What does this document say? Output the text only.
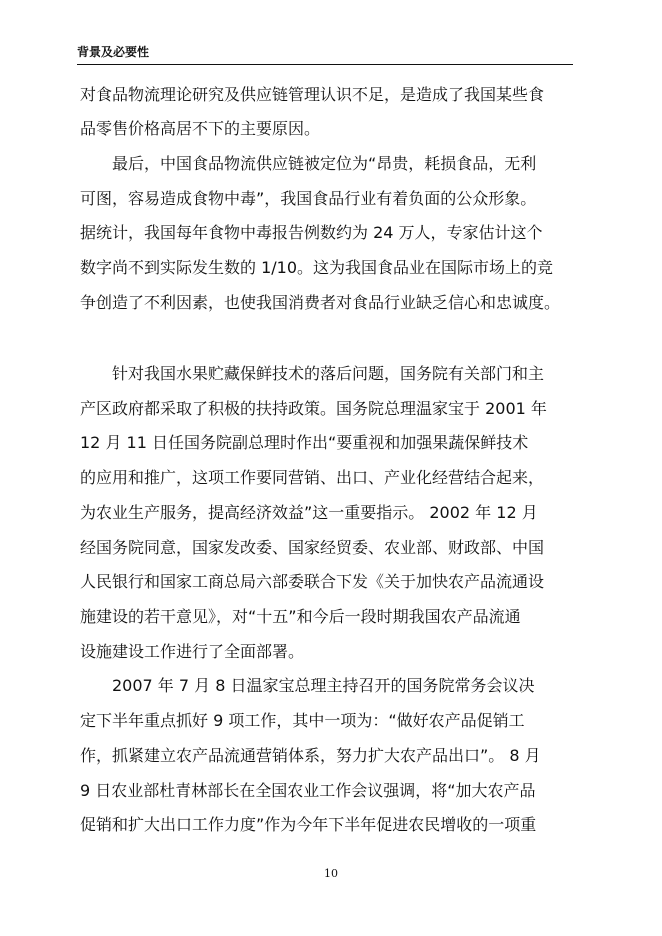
背景及必要性
对食品物流理论研究及供应链管理认识不足，是造成了我国某些食
品零售价格高居不下的主要原因。
最后，中国食品物流供应链被定位为“昂贵，耗损食品，无利
可图，容易造成食物中毒”，我国食品行业有着负面的公众形象。
据统计，我国每年食物中毒报告例数约为 24 万人，专家估计这个
数字尚不到实际发生数的 1/10。这为我国食品业在国际市场上的竞
争创造了不利因素，也使我国消费者对食品行业缺乏信心和忠诚度。
针对我国水果贮藏保鲜技术的落后问题，国务院有关部门和主
产区政府都采取了积极的扶持政策。国务院总理温家宝于 2001 年
12 月 11 日任国务院副总理时作出“要重视和加强果蔬保鲜技术
的应用和推广，这项工作要同营销、出口、产业化经营结合起来，
为农业生产服务，提高经济效益”这一重要指示。 2002 年 12 月
经国务院同意，国家发改委、国家经贸委、农业部、财政部、中国
人民银行和国家工商总局六部委联合下发《关于加快农产品流通设
施建设的若干意见》，对“十五”和今后一段时期我国农产品流通
设施建设工作进行了全面部署。
2007 年 7 月 8 日温家宝总理主持召开的国务院常务会议决
定下半年重点抓好 9 项工作，其中一项为：“做好农产品促销工
作，抓紧建立农产品流通营销体系，努力扩大农产品出口”。 8 月
9 日农业部杜青林部长在全国农业工作会议强调，将“加大农产品
促销和扩大出口工作力度”作为今年下半年促进农民增收的一项重
10
